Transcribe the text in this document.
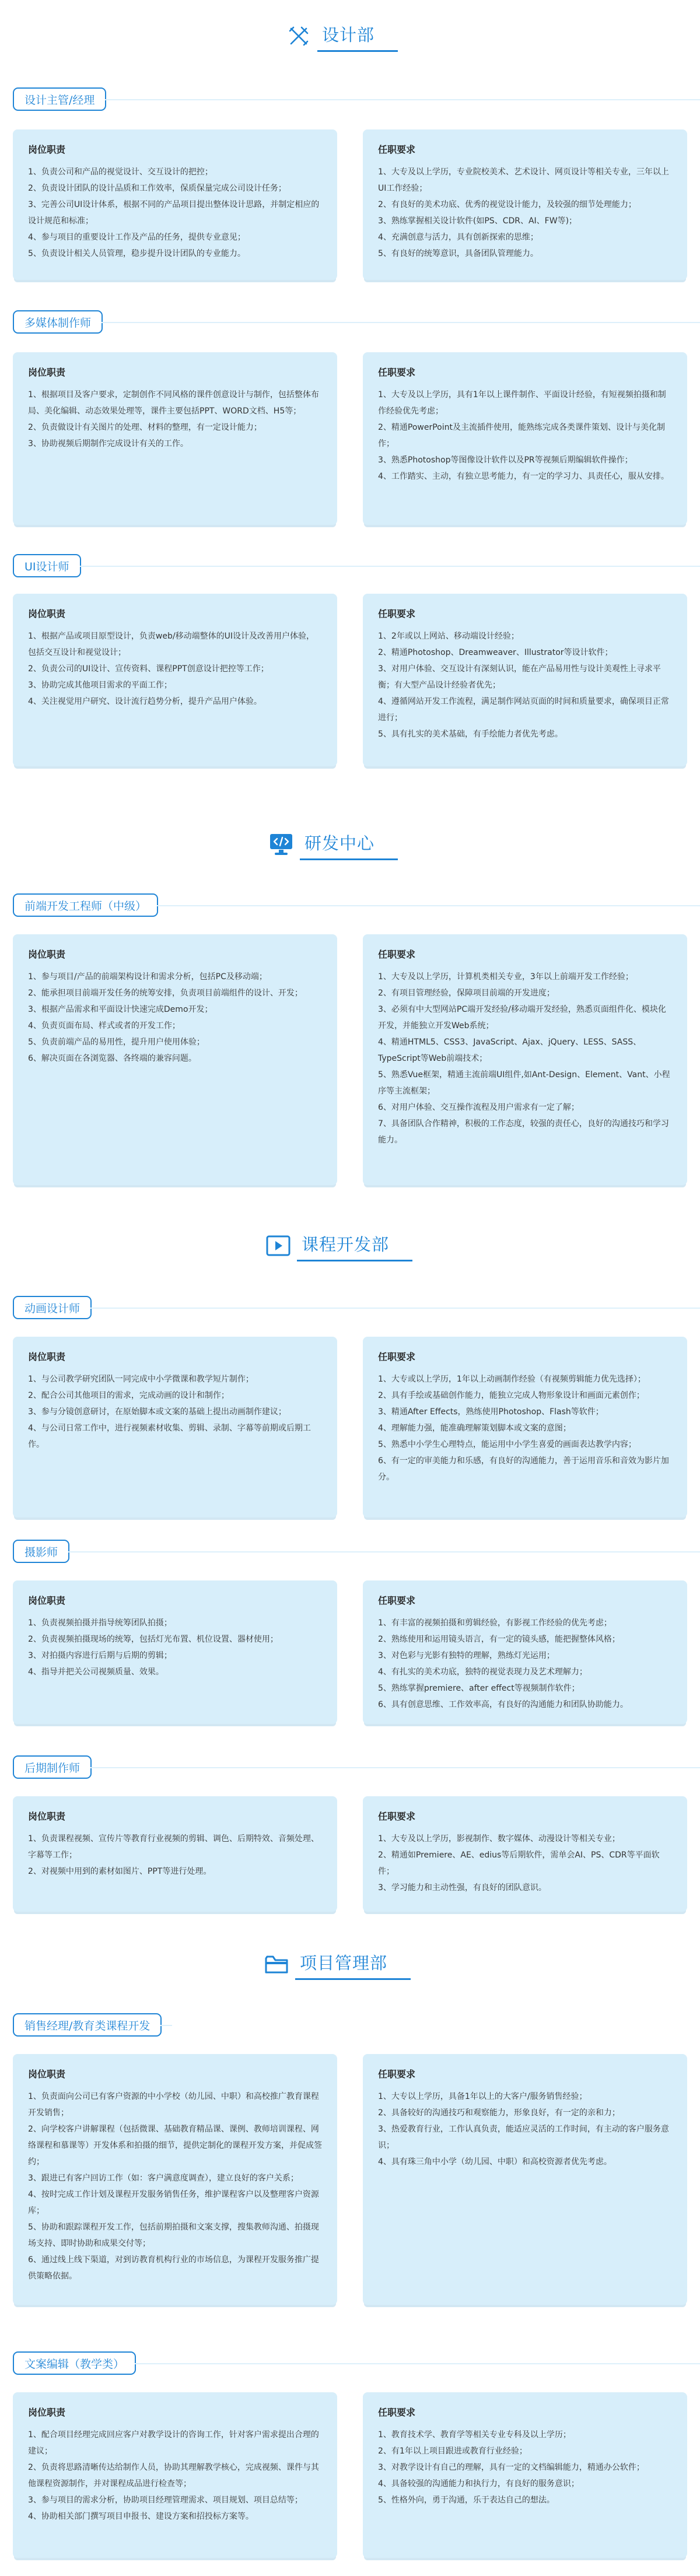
设计部
设计主管/经理
岗位职责
1、负责公司和产品的视觉设计、交互设计的把控；
2、负责设计团队的设计品质和工作效率，保质保量完成公司设计任务；
3、完善公司UI设计体系，根据不同的产品项目提出整体设计思路，并制定相应的设计规范和标准；
4、参与项目的重要设计工作及产品的任务，提供专业意见；
5、负责设计相关人员管理，稳步提升设计团队的专业能力。
任职要求
1、大专及以上学历，专业院校美术、艺术设计、网页设计等相关专业，三年以上UI工作经验；
2、有良好的美术功底、优秀的视觉设计能力，及较强的细节处理能力；
3、熟练掌握相关设计软件(如PS、CDR、AI、FW等)；
4、充满创意与活力，具有创新探索的思维；
5、有良好的统筹意识，具备团队管理能力。
多媒体制作师
岗位职责
1、根据项目及客户要求，定制创作不同风格的课件创意设计与制作，包括整体布局、美化编辑、动态效果处理等，课件主要包括PPT、WORD文档、H5等；
2、负责做设计有关图片的处理、材料的整理，有一定设计能力；
3、协助视频后期制作完成设计有关的工作。
任职要求
1、大专及以上学历，具有1年以上课件制作、平面设计经验，有短视频拍摄和制作经验优先考虑；
2、精通PowerPoint及主流插件使用，能熟练完成各类课件策划、设计与美化制作；
3、熟悉Photoshop等图像设计软件以及PR等视频后期编辑软件操作；
4、工作踏实、主动，有独立思考能力，有一定的学习力、具责任心，服从安排。
UI设计师
岗位职责
1、根据产品或项目原型设计，负责web/移动端整体的UI设计及改善用户体验，包括交互设计和视觉设计；
2、负责公司的UI设计、宣传资料、课程PPT创意设计把控等工作；
3、协助完成其他项目需求的平面工作；
4、关注视觉用户研究、设计流行趋势分析，提升产品用户体验。
任职要求
1、2年或以上网站、移动端设计经验；
2、精通Photoshop、Dreamweaver、Illustrator等设计软件；
3、对用户体验、交互设计有深刻认识，能在产品易用性与设计美观性上寻求平衡；有大型产品设计经验者优先；
4、遵循网站开发工作流程，满足制作网站页面的时间和质量要求，确保项目正常进行；
5、具有扎实的美术基础，有手绘能力者优先考虑。
研发中心
前端开发工程师（中级）
岗位职责
1、参与项目/产品的前端架构设计和需求分析，包括PC及移动端；
2、能承担项目前端开发任务的统筹安排，负责项目前端组件的设计、开发；
3、根据产品需求和平面设计快速完成Demo开发；
4、负责页面布局、样式或者的开发工作；
5、负责前端产品的易用性，提升用户使用体验；
6、解决页面在各浏览器、各终端的兼容问题。
任职要求
1、大专及以上学历，计算机类相关专业，3年以上前端开发工作经验；
2、有项目管理经验，保障项目前端的开发进度；
3、必须有中大型网站PC端开发经验/移动端开发经验，熟悉页面组件化、模块化开发，并能独立开发Web系统；
4、精通HTML5、CSS3、JavaScript、Ajax、jQuery、LESS、SASS、TypeScript等Web前端技术；
5、熟悉Vue框架，精通主流前端UI组件,如Ant-Design、Element、Vant、小程序等主流框架；
6、对用户体验、交互操作流程及用户需求有一定了解；
7、具备团队合作精神，积极的工作态度，较强的责任心，良好的沟通技巧和学习能力。
课程开发部
动画设计师
岗位职责
1、与公司教学研究团队一同完成中小学微课和教学短片制作；
2、配合公司其他项目的需求，完成动画的设计和制作；
3、参与分镜创意研讨，在原始脚本或文案的基础上提出动画制作建议；
4、与公司日常工作中，进行视频素材收集、剪辑、录制、字幕等前期或后期工作。
任职要求
1、大专或以上学历，1年以上动画制作经验（有视频剪辑能力优先选择）；
2、具有手绘或基础创作能力，能独立完成人物形象设计和画面元素创作；
3、精通After Effects，熟练使用Photoshop、Flash等软件；
4、理解能力强，能准确理解策划脚本或文案的意图；
5、熟悉中小学生心理特点，能运用中小学生喜爱的画面表达教学内容；
6、有一定的审美能力和乐感，有良好的沟通能力，善于运用音乐和音效为影片加分。
摄影师
岗位职责
1、负责视频拍摄并指导统筹团队拍摄；
2、负责视频拍摄现场的统筹，包括灯光布置、机位设置、器材使用；
3、对拍摄内容进行后期与后期的剪辑；
4、指导并把关公司视频质量、效果。
任职要求
1、有丰富的视频拍摄和剪辑经验，有影视工作经验的优先考虑；
2、熟练使用和运用镜头语言，有一定的镜头感，能把握整体风格；
3、对色彩与光影有独特的理解，熟练灯光运用；
4、有扎实的美术功底，独特的视觉表现力及艺术理解力；
5、熟练掌握premiere、after effect等视频制作软件；
6、具有创意思维、工作效率高，有良好的沟通能力和团队协助能力。
后期制作师
岗位职责
1、负责课程视频、宣传片等教育行业视频的剪辑、调色、后期特效、音频处理、字幕等工作；
2、对视频中用到的素材如图片、PPT等进行处理。
任职要求
1、大专及以上学历，影视制作、数字媒体、动漫设计等相关专业；
2、精通如Premiere、AE、edius等后期软件，需单会AI、PS、CDR等平面软件；
3、学习能力和主动性强，有良好的团队意识。
项目管理部
销售经理/教育类课程开发
岗位职责
1、负责面向公司已有客户资源的中小学校（幼儿园、中职）和高校推广教育课程开发销售；
2、向学校客户讲解课程（包括微课、基础教育精品课、课例、教师培训课程、网络课程和慕课等）开发体系和拍摄的细节，提供定制化的课程开发方案，并促成签约；
3、跟进已有客户回访工作（如：客户满意度调查），建立良好的客户关系；
4、按时完成工作计划及课程开发服务销售任务，维护课程客户以及整理客户资源库；
5、协助和跟踪课程开发工作，包括前期拍摄和文案支撑，搜集教师沟通、拍摄现场支持、即时协助和成果交付等；
6、通过线上线下渠道，对到访教育机构行业的市场信息，为课程开发服务推广提供策略依据。
任职要求
1、大专以上学历，具备1年以上的大客户/服务销售经验；
2、具备较好的沟通技巧和观察能力，形象良好，有一定的亲和力；
3、热爱教育行业，工作认真负责，能适应灵活的工作时间，有主动的客户服务意识；
4、具有珠三角中小学（幼儿园、中职）和高校资源者优先考虑。
文案编辑（教学类）
岗位职责
1、配合项目经理完成回应客户对教学设计的咨询工作，针对客户需求提出合理的建议；
2、负责将思路清晰传达给制作人员，协助其理解教学核心，完成视频、课件与其他课程资源制作，并对课程成品进行检查等；
3、参与项目的需求分析，协助项目经理管理需求、项目规划、项目总结等；
4、协助相关部门撰写项目申报书、建设方案和招投标方案等。
任职要求
1、教育技术学、教育学等相关专业专科及以上学历；
2、有1年以上项目跟进或教育行业经验；
3、对教学设计有自己的理解，具有一定的文档编辑能力，精通办公软件；
4、具备较强的沟通能力和执行力，有良好的服务意识；
5、性格外向，勇于沟通，乐于表达自己的想法。
